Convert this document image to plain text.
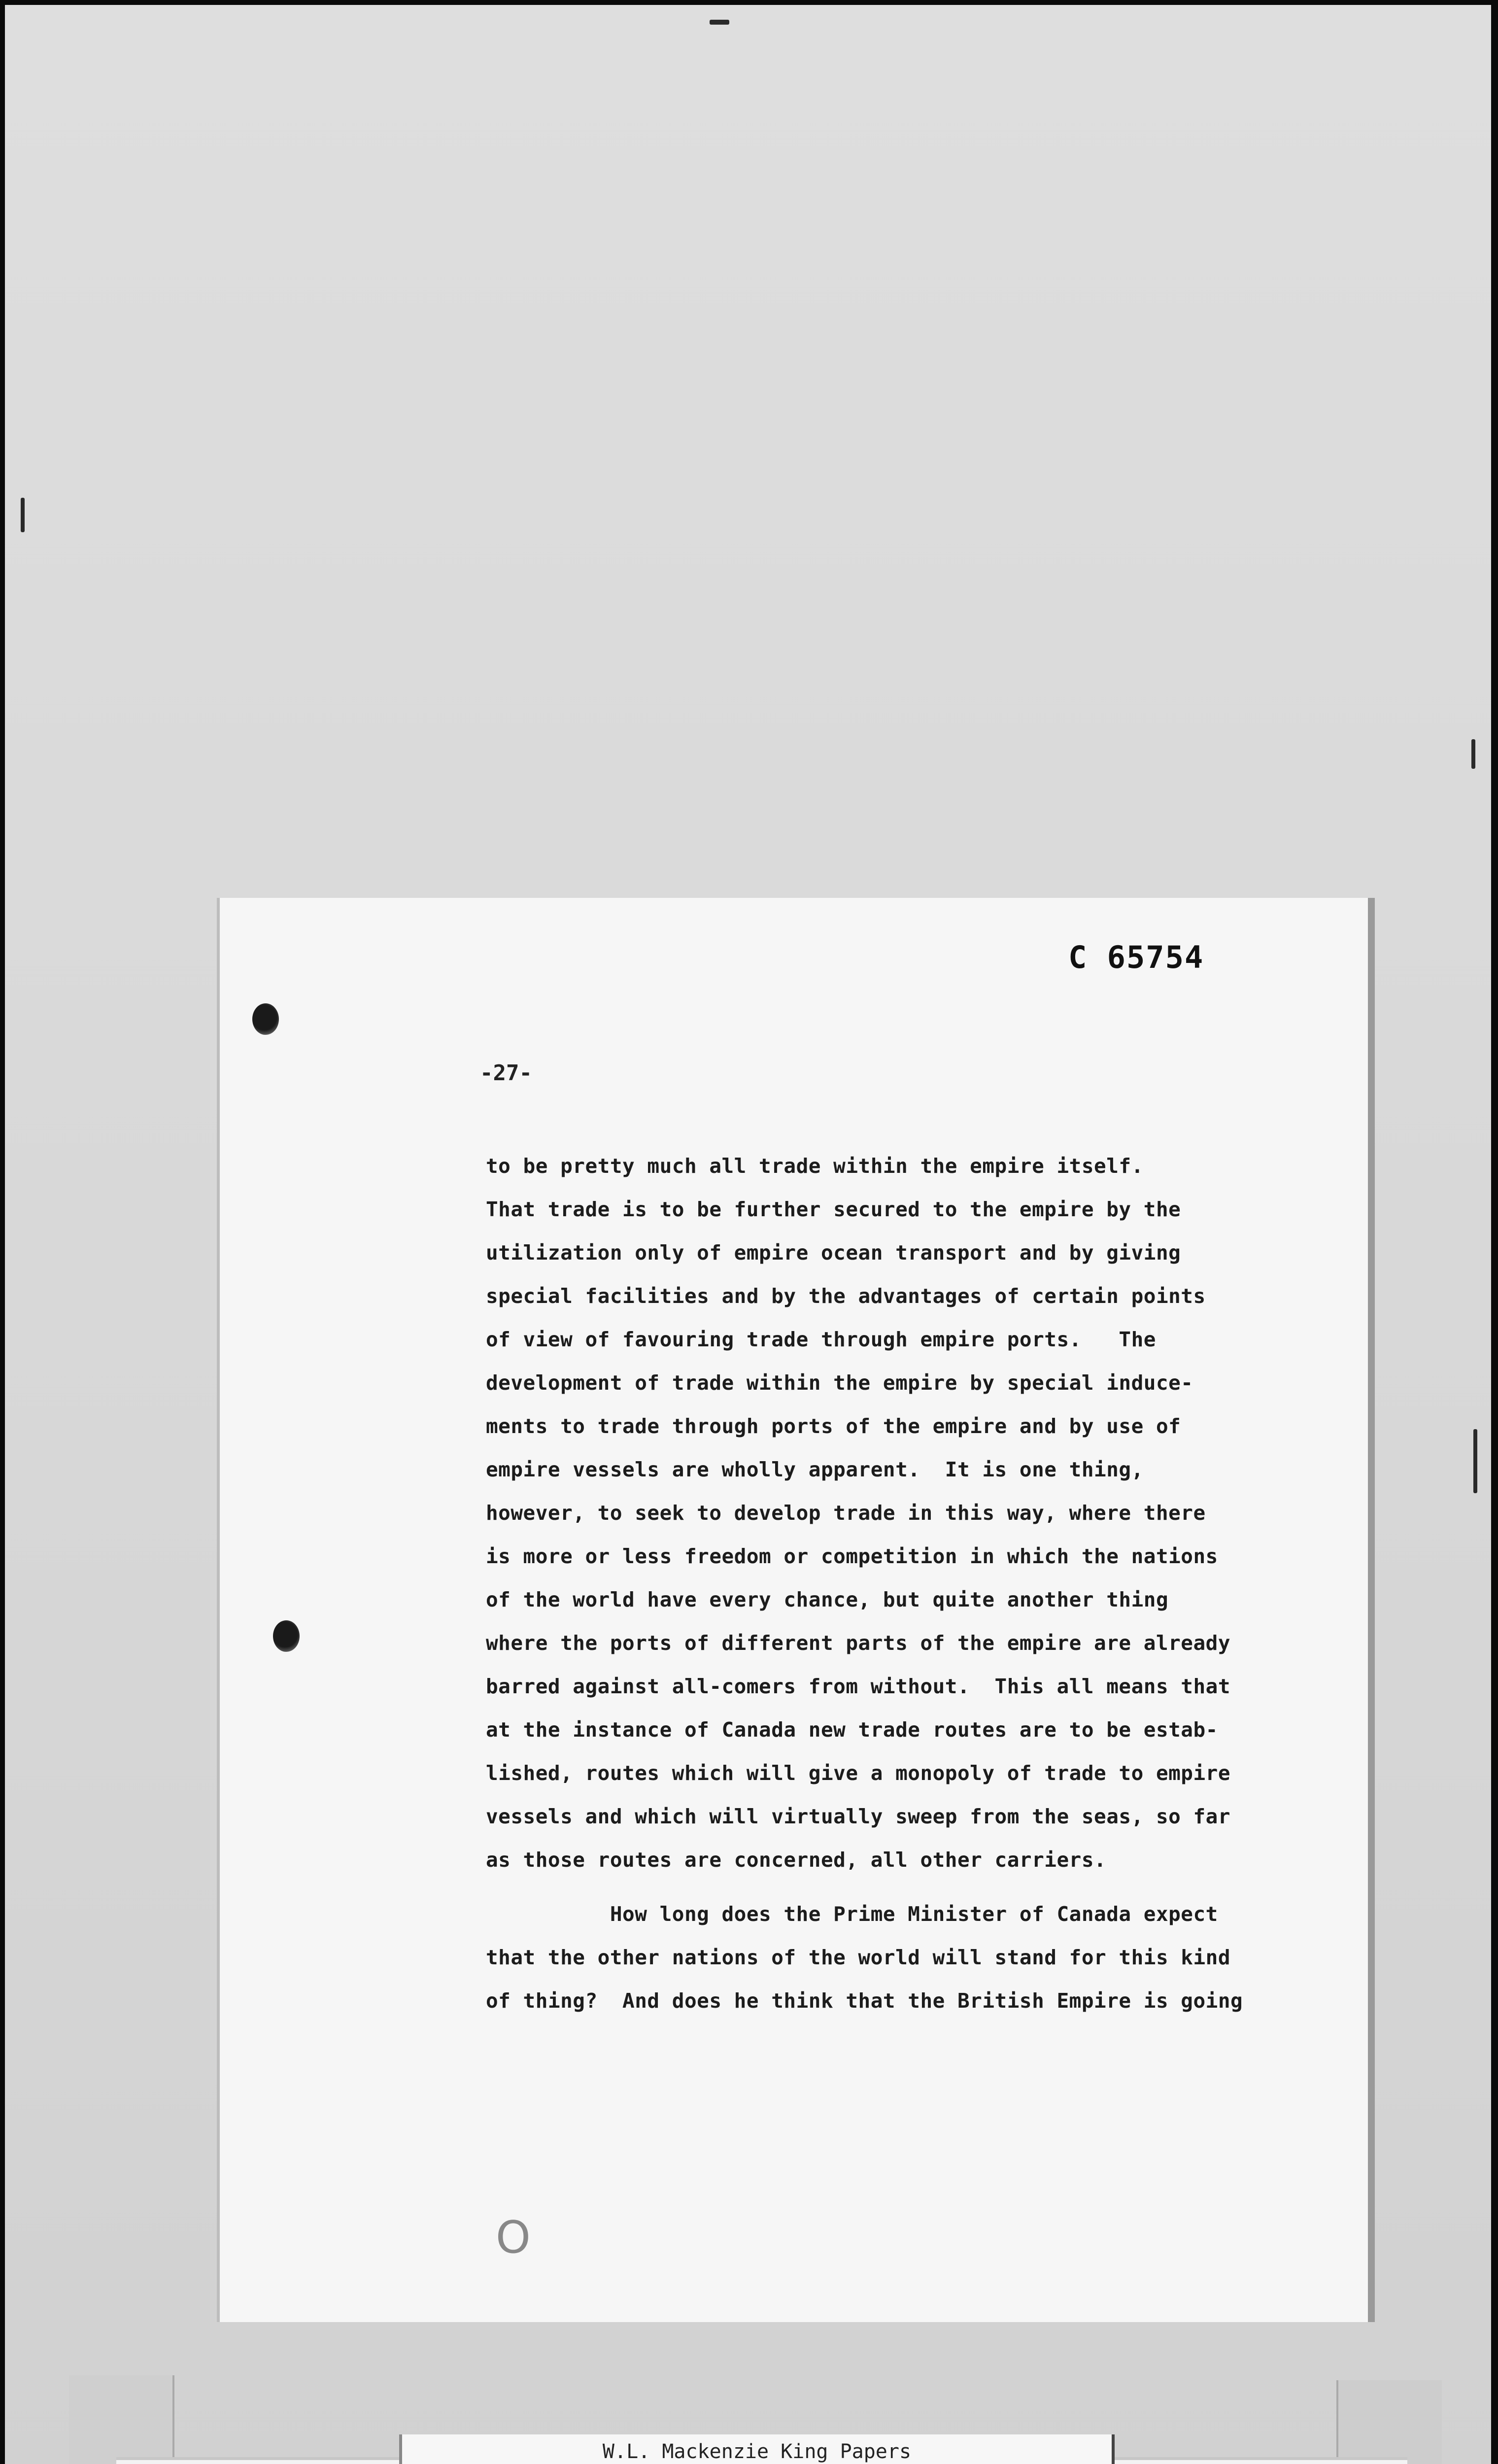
C 65754
-27-
to be pretty much all trade within the empire itself.
That trade is to be further secured to the empire by the
utilization only of empire ocean transport and by giving
special facilities and by the advantages of certain points
of view of favouring trade through empire ports.   The
development of trade within the empire by special induce-
ments to trade through ports of the empire and by use of
empire vessels are wholly apparent.  It is one thing,
however, to seek to develop trade in this way, where there
is more or less freedom or competition in which the nations
of the world have every chance, but quite another thing
where the ports of different parts of the empire are already
barred against all-comers from without.  This all means that
at the instance of Canada new trade routes are to be estab-
lished, routes which will give a monopoly of trade to empire
vessels and which will virtually sweep from the seas, so far
as those routes are concerned, all other carriers.
How long does the Prime Minister of Canada expect
that the other nations of the world will stand for this kind
of thing?  And does he think that the British Empire is going
O
W.L. Mackenzie King Papers
